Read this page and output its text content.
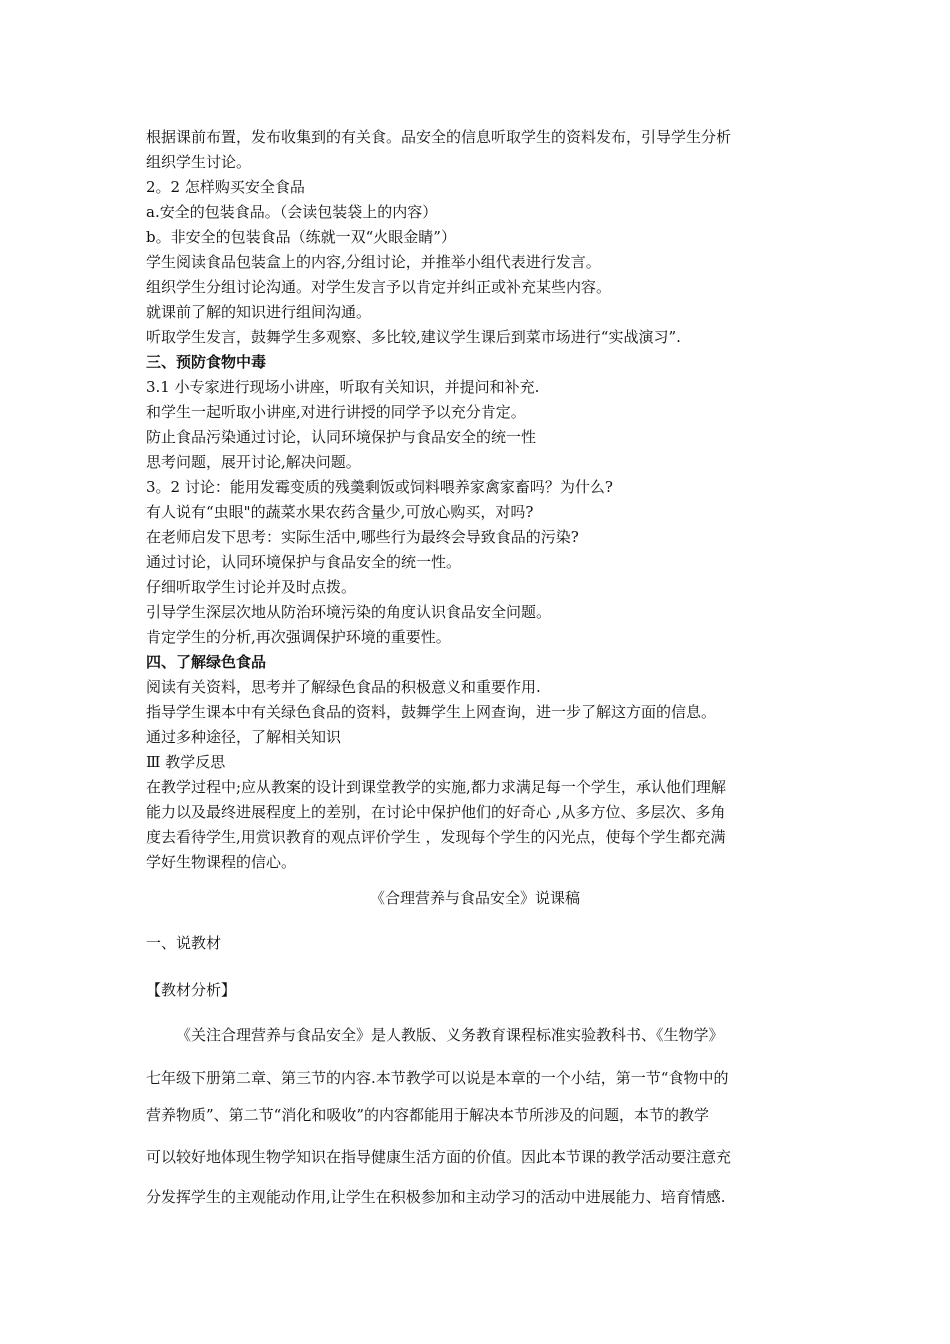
根据课前布置，发布收集到的有关食。品安全的信息听取学生的资料发布，引导学生分析
组织学生讨论。
2。2 怎样购买安全食品
a.安全的包装食品。（会读包装袋上的内容）
b。非安全的包装食品（练就一双“火眼金睛”）
学生阅读食品包装盒上的内容,分组讨论，并推举小组代表进行发言。
组织学生分组讨论沟通。对学生发言予以肯定并纠正或补充某些内容。
就课前了解的知识进行组间沟通。
听取学生发言，鼓舞学生多观察、多比较,建议学生课后到菜市场进行“实战演习”.
三、预防食物中毒
3.1 小专家进行现场小讲座，听取有关知识，并提问和补充.
和学生一起听取小讲座,对进行讲授的同学予以充分肯定。
防止食品污染通过讨论，认同环境保护与食品安全的统一性
思考问题，展开讨论,解决问题。
3。2 讨论：能用发霉变质的残羹剩饭或饲料喂养家禽家畜吗？为什么?
有人说有“虫眼"的蔬菜水果农药含量少,可放心购买，对吗?
在老师启发下思考：实际生活中,哪些行为最终会导致食品的污染?
通过讨论，认同环境保护与食品安全的统一性。
仔细听取学生讨论并及时点拨。
引导学生深层次地从防治环境污染的角度认识食品安全问题。
肯定学生的分析,再次强调保护环境的重要性。
四、了解绿色食品
阅读有关资料，思考并了解绿色食品的积极意义和重要作用.
指导学生课本中有关绿色食品的资料，鼓舞学生上网查询，进一步了解这方面的信息。
通过多种途径，了解相关知识
Ⅲ 教学反思
在教学过程中;应从教案的设计到课堂教学的实施,都力求满足每一个学生，承认他们理解
能力以及最终进展程度上的差别，在讨论中保护他们的好奇心 ,从多方位、多层次、多角
度去看待学生,用赏识教育的观点评价学生 ，发现每个学生的闪光点，使每个学生都充满
学好生物课程的信心。
《合理营养与食品安全》说课稿
一、说教材
【教材分析】
《关注合理营养与食品安全》是人教版、义务教育课程标准实验教科书、《生物学》
七年级下册第二章、第三节的内容.本节教学可以说是本章的一个小结，第一节“食物中的
营养物质”、第二节“消化和吸收”的内容都能用于解决本节所涉及的问题，本节的教学
可以较好地体现生物学知识在指导健康生活方面的价值。因此本节课的教学活动要注意充
分发挥学生的主观能动作用,让学生在积极参加和主动学习的活动中进展能力、培育情感.
